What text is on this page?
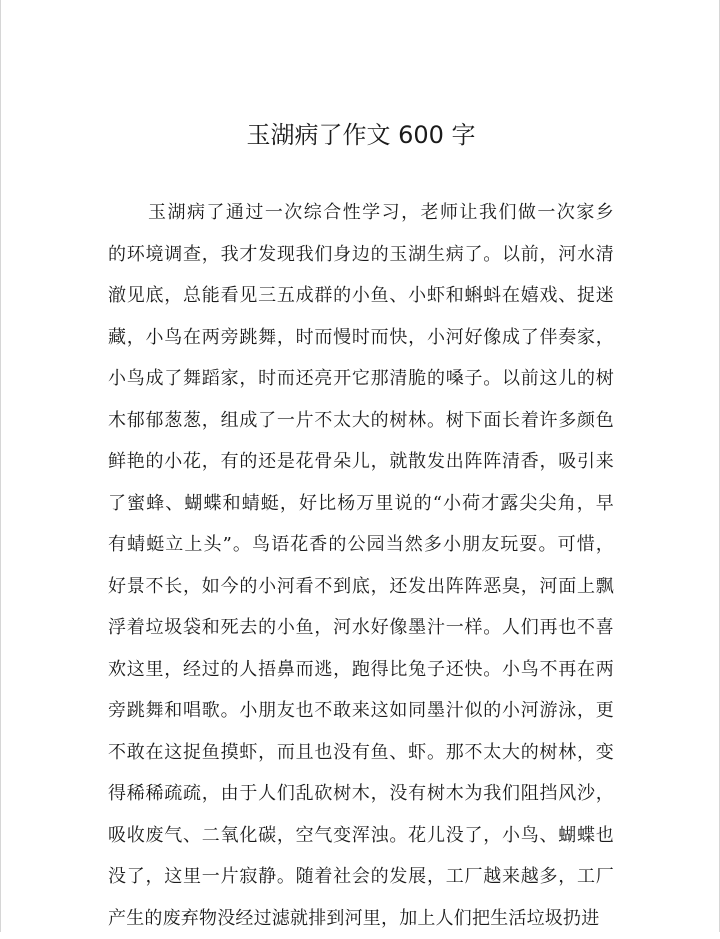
玉湖病了作文 600 字
玉湖病了通过一次综合性学习，老师让我们做一次家乡
的环境调查，我才发现我们身边的玉湖生病了。以前，河水清
澈见底，总能看见三五成群的小鱼、小虾和蝌蚪在嬉戏、捉迷
藏，小鸟在两旁跳舞，时而慢时而快，小河好像成了伴奏家，
小鸟成了舞蹈家，时而还亮开它那清脆的嗓子。以前这儿的树
木郁郁葱葱，组成了一片不太大的树林。树下面长着许多颜色
鲜艳的小花，有的还是花骨朵儿，就散发出阵阵清香，吸引来
了蜜蜂、蝴蝶和蜻蜓，好比杨万里说的“小荷才露尖尖角，早
有蜻蜓立上头”。鸟语花香的公园当然多小朋友玩耍。可惜，
好景不长，如今的小河看不到底，还发出阵阵恶臭，河面上飘
浮着垃圾袋和死去的小鱼，河水好像墨汁一样。人们再也不喜
欢这里，经过的人捂鼻而逃，跑得比兔子还快。小鸟不再在两
旁跳舞和唱歌。小朋友也不敢来这如同墨汁似的小河游泳，更
不敢在这捉鱼摸虾，而且也没有鱼、虾。那不太大的树林，变
得稀稀疏疏，由于人们乱砍树木，没有树木为我们阻挡风沙，
吸收废气、二氧化碳，空气变浑浊。花儿没了，小鸟、蝴蝶也
没了，这里一片寂静。随着社会的发展，工厂越来越多，工厂
产生的废弃物没经过滤就排到河里，加上人们把生活垃圾扔进
